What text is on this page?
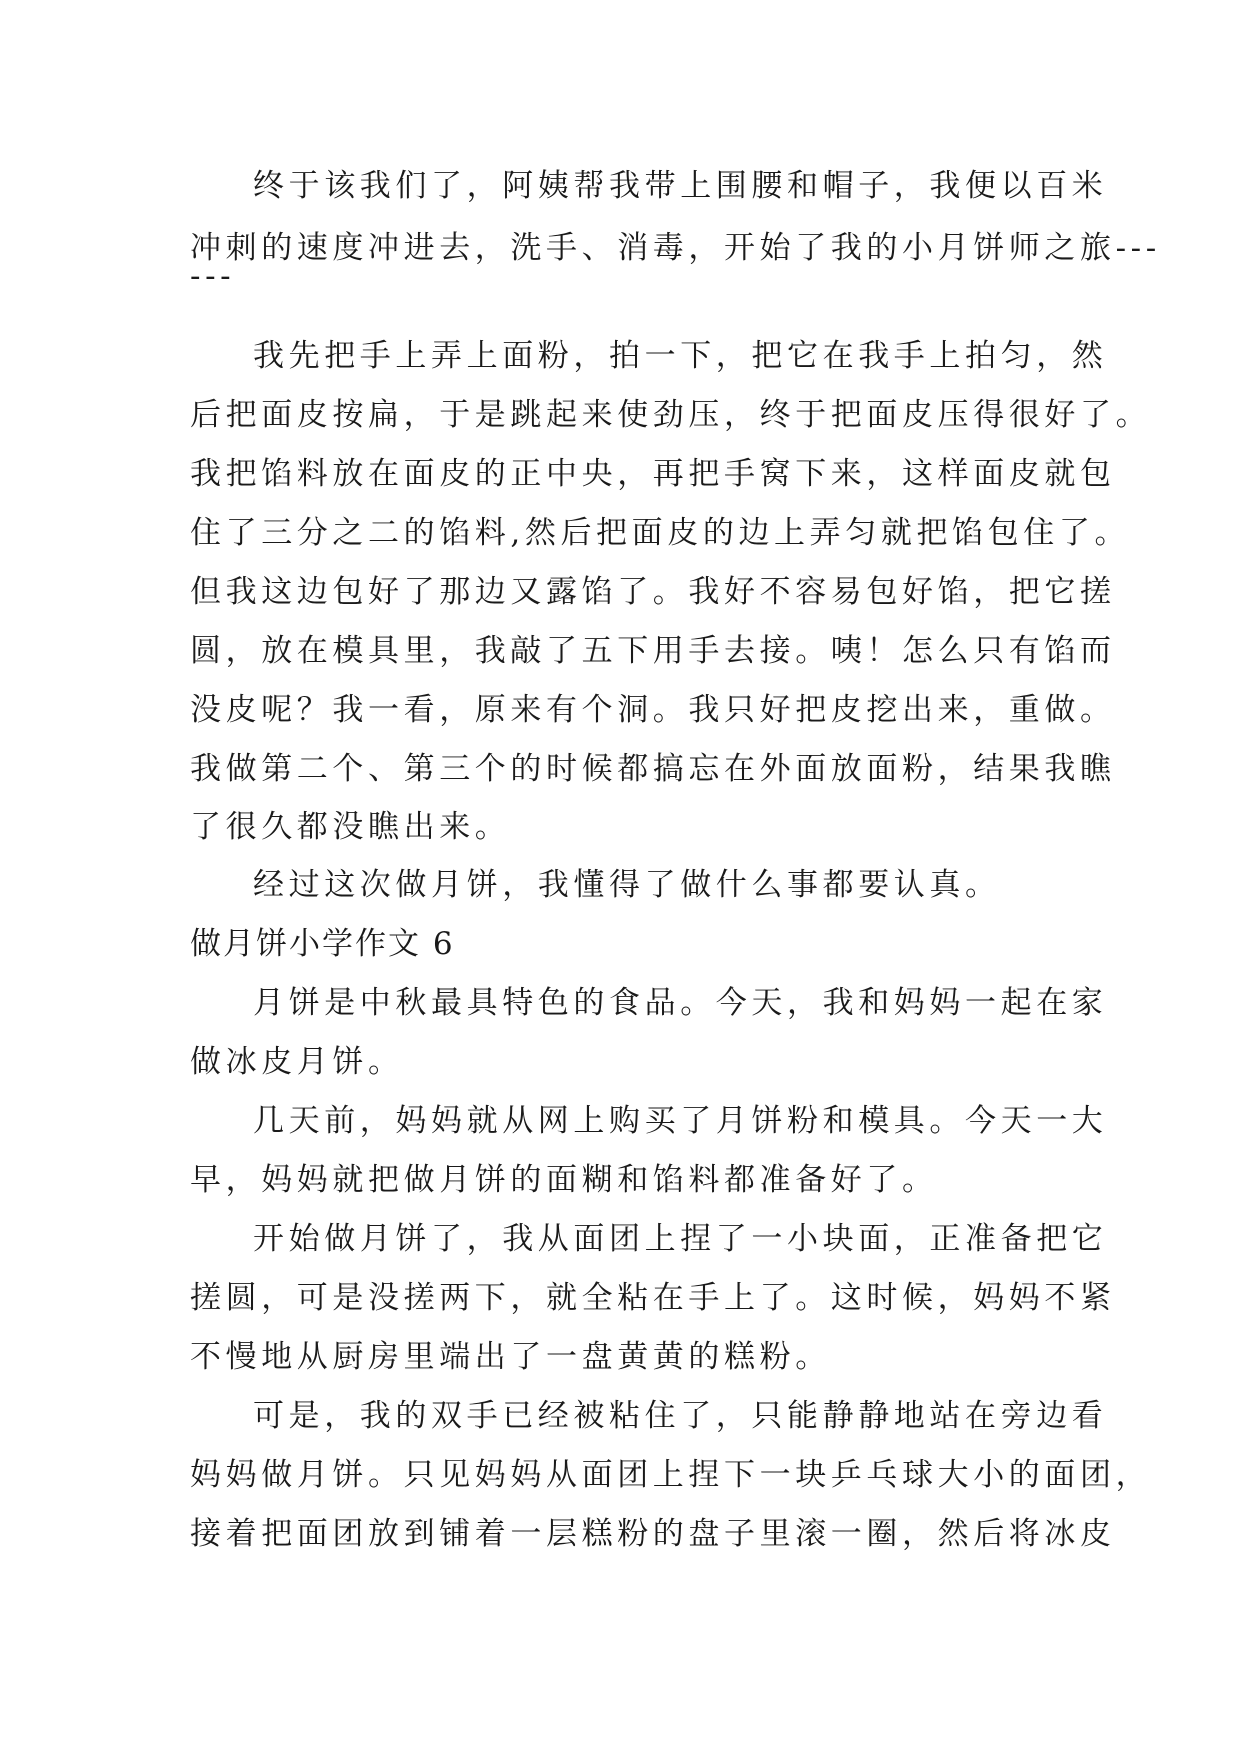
终于该我们了，阿姨帮我带上围腰和帽子，我便以百米
冲刺的速度冲进去，洗手、消毒，开始了我的小月饼师之旅---
---
我先把手上弄上面粉，拍一下，把它在我手上拍匀，然
后把面皮按扁，于是跳起来使劲压，终于把面皮压得很好了。
我把馅料放在面皮的正中央，再把手窝下来，这样面皮就包
住了三分之二的馅料,然后把面皮的边上弄匀就把馅包住了。
但我这边包好了那边又露馅了。我好不容易包好馅，把它搓
圆，放在模具里，我敲了五下用手去接。咦！怎么只有馅而
没皮呢？我一看，原来有个洞。我只好把皮挖出来，重做。
我做第二个、第三个的时候都搞忘在外面放面粉，结果我瞧
了很久都没瞧出来。
经过这次做月饼，我懂得了做什么事都要认真。
做月饼小学作文 6
月饼是中秋最具特色的食品。今天，我和妈妈一起在家
做冰皮月饼。
几天前，妈妈就从网上购买了月饼粉和模具。今天一大
早，妈妈就把做月饼的面糊和馅料都准备好了。
开始做月饼了，我从面团上捏了一小块面，正准备把它
搓圆，可是没搓两下，就全粘在手上了。这时候，妈妈不紧
不慢地从厨房里端出了一盘黄黄的糕粉。
可是，我的双手已经被粘住了，只能静静地站在旁边看
妈妈做月饼。只见妈妈从面团上捏下一块乒乓球大小的面团，
接着把面团放到铺着一层糕粉的盘子里滚一圈，然后将冰皮
